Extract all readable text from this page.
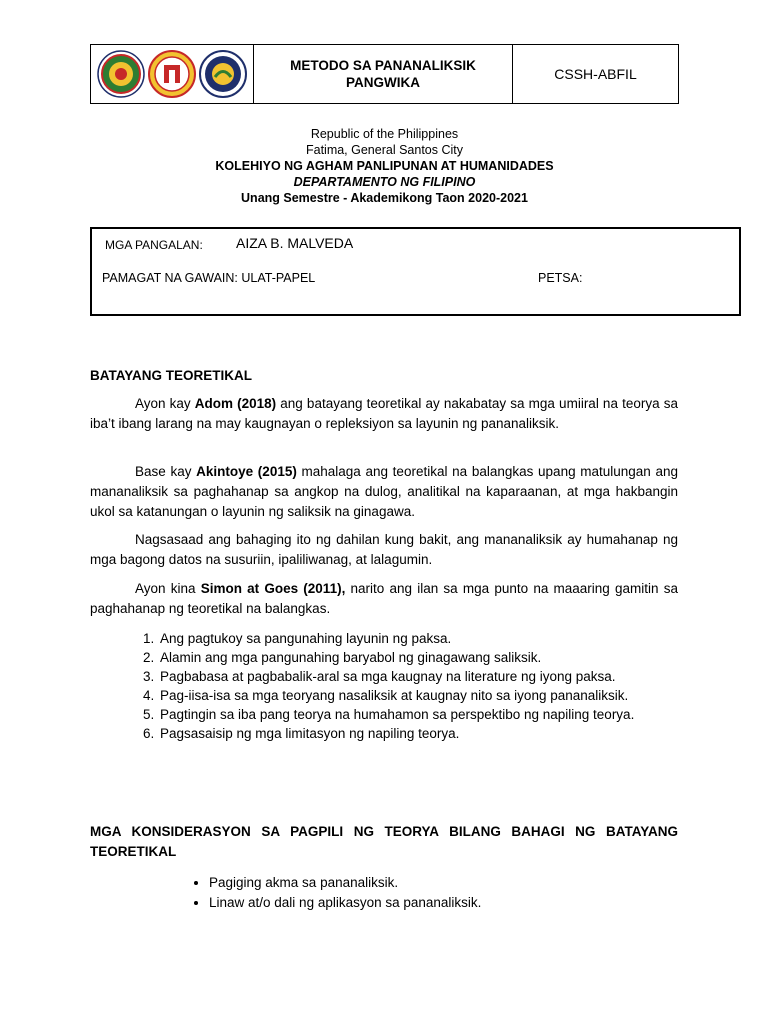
METODO SA PANANALIKSIK PANGWIKA
CSSH-ABFIL
Republic of the Philippines
Fatima, General Santos City
KOLEHIYO NG AGHAM PANLIPUNAN AT HUMANIDADES
DEPARTAMENTO NG FILIPINO
Unang Semestre - Akademikong Taon 2020-2021
MGA PANGALAN: AIZA B. MALVEDA
PAMAGAT NA GAWAIN: ULAT-PAPEL	PETSA:
BATAYANG TEORETIKAL

Ayon kay Adom (2018) ang batayang teoretikal ay nakabatay sa mga umiiral na teorya sa iba’t ibang larang na may kaugnayan o repleksiyon sa layunin ng pananaliksik.

Base kay Akintoye (2015) mahalaga ang teoretikal na balangkas upang matulungan ang mananaliksik sa paghahanap sa angkop na dulog, analitikal na kaparaanan, at mga hakbangin ukol sa katanungan o layunin ng saliksik na ginagawa.

Nagsasaad ang bahaging ito ng dahilan kung bakit, ang mananaliksik ay humahanap ng mga bagong datos na susuriin, ipaliliwanag, at lalagumin.

Ayon kina Simon at Goes (2011), narito ang ilan sa mga punto na maaaring gamitin sa paghahanap ng teoretikal na balangkas.

1. Ang pagtukoy sa pangunahing layunin ng paksa.
2. Alamin ang mga pangunahing baryabol ng ginagawang saliksik.
3. Pagbabasa at pagbabalik-aral sa mga kaugnay na literature ng iyong paksa.
4. Pag-iisa-isa sa mga teoryang nasaliksik at kaugnay nito sa iyong pananaliksik.
5. Pagtingin sa iba pang teorya na humahamon sa perspektibo ng napiling teorya.
6. Pagsasaisip ng mga limitasyon ng napiling teorya.
MGA KONSIDERASYON SA PAGPILI NG TEORYA BILANG BAHAGI NG BATAYANG TEORETIKAL
• Pagiging akma sa pananaliksik.
• Linaw at/o dali ng aplikasyon sa pananaliksik.
